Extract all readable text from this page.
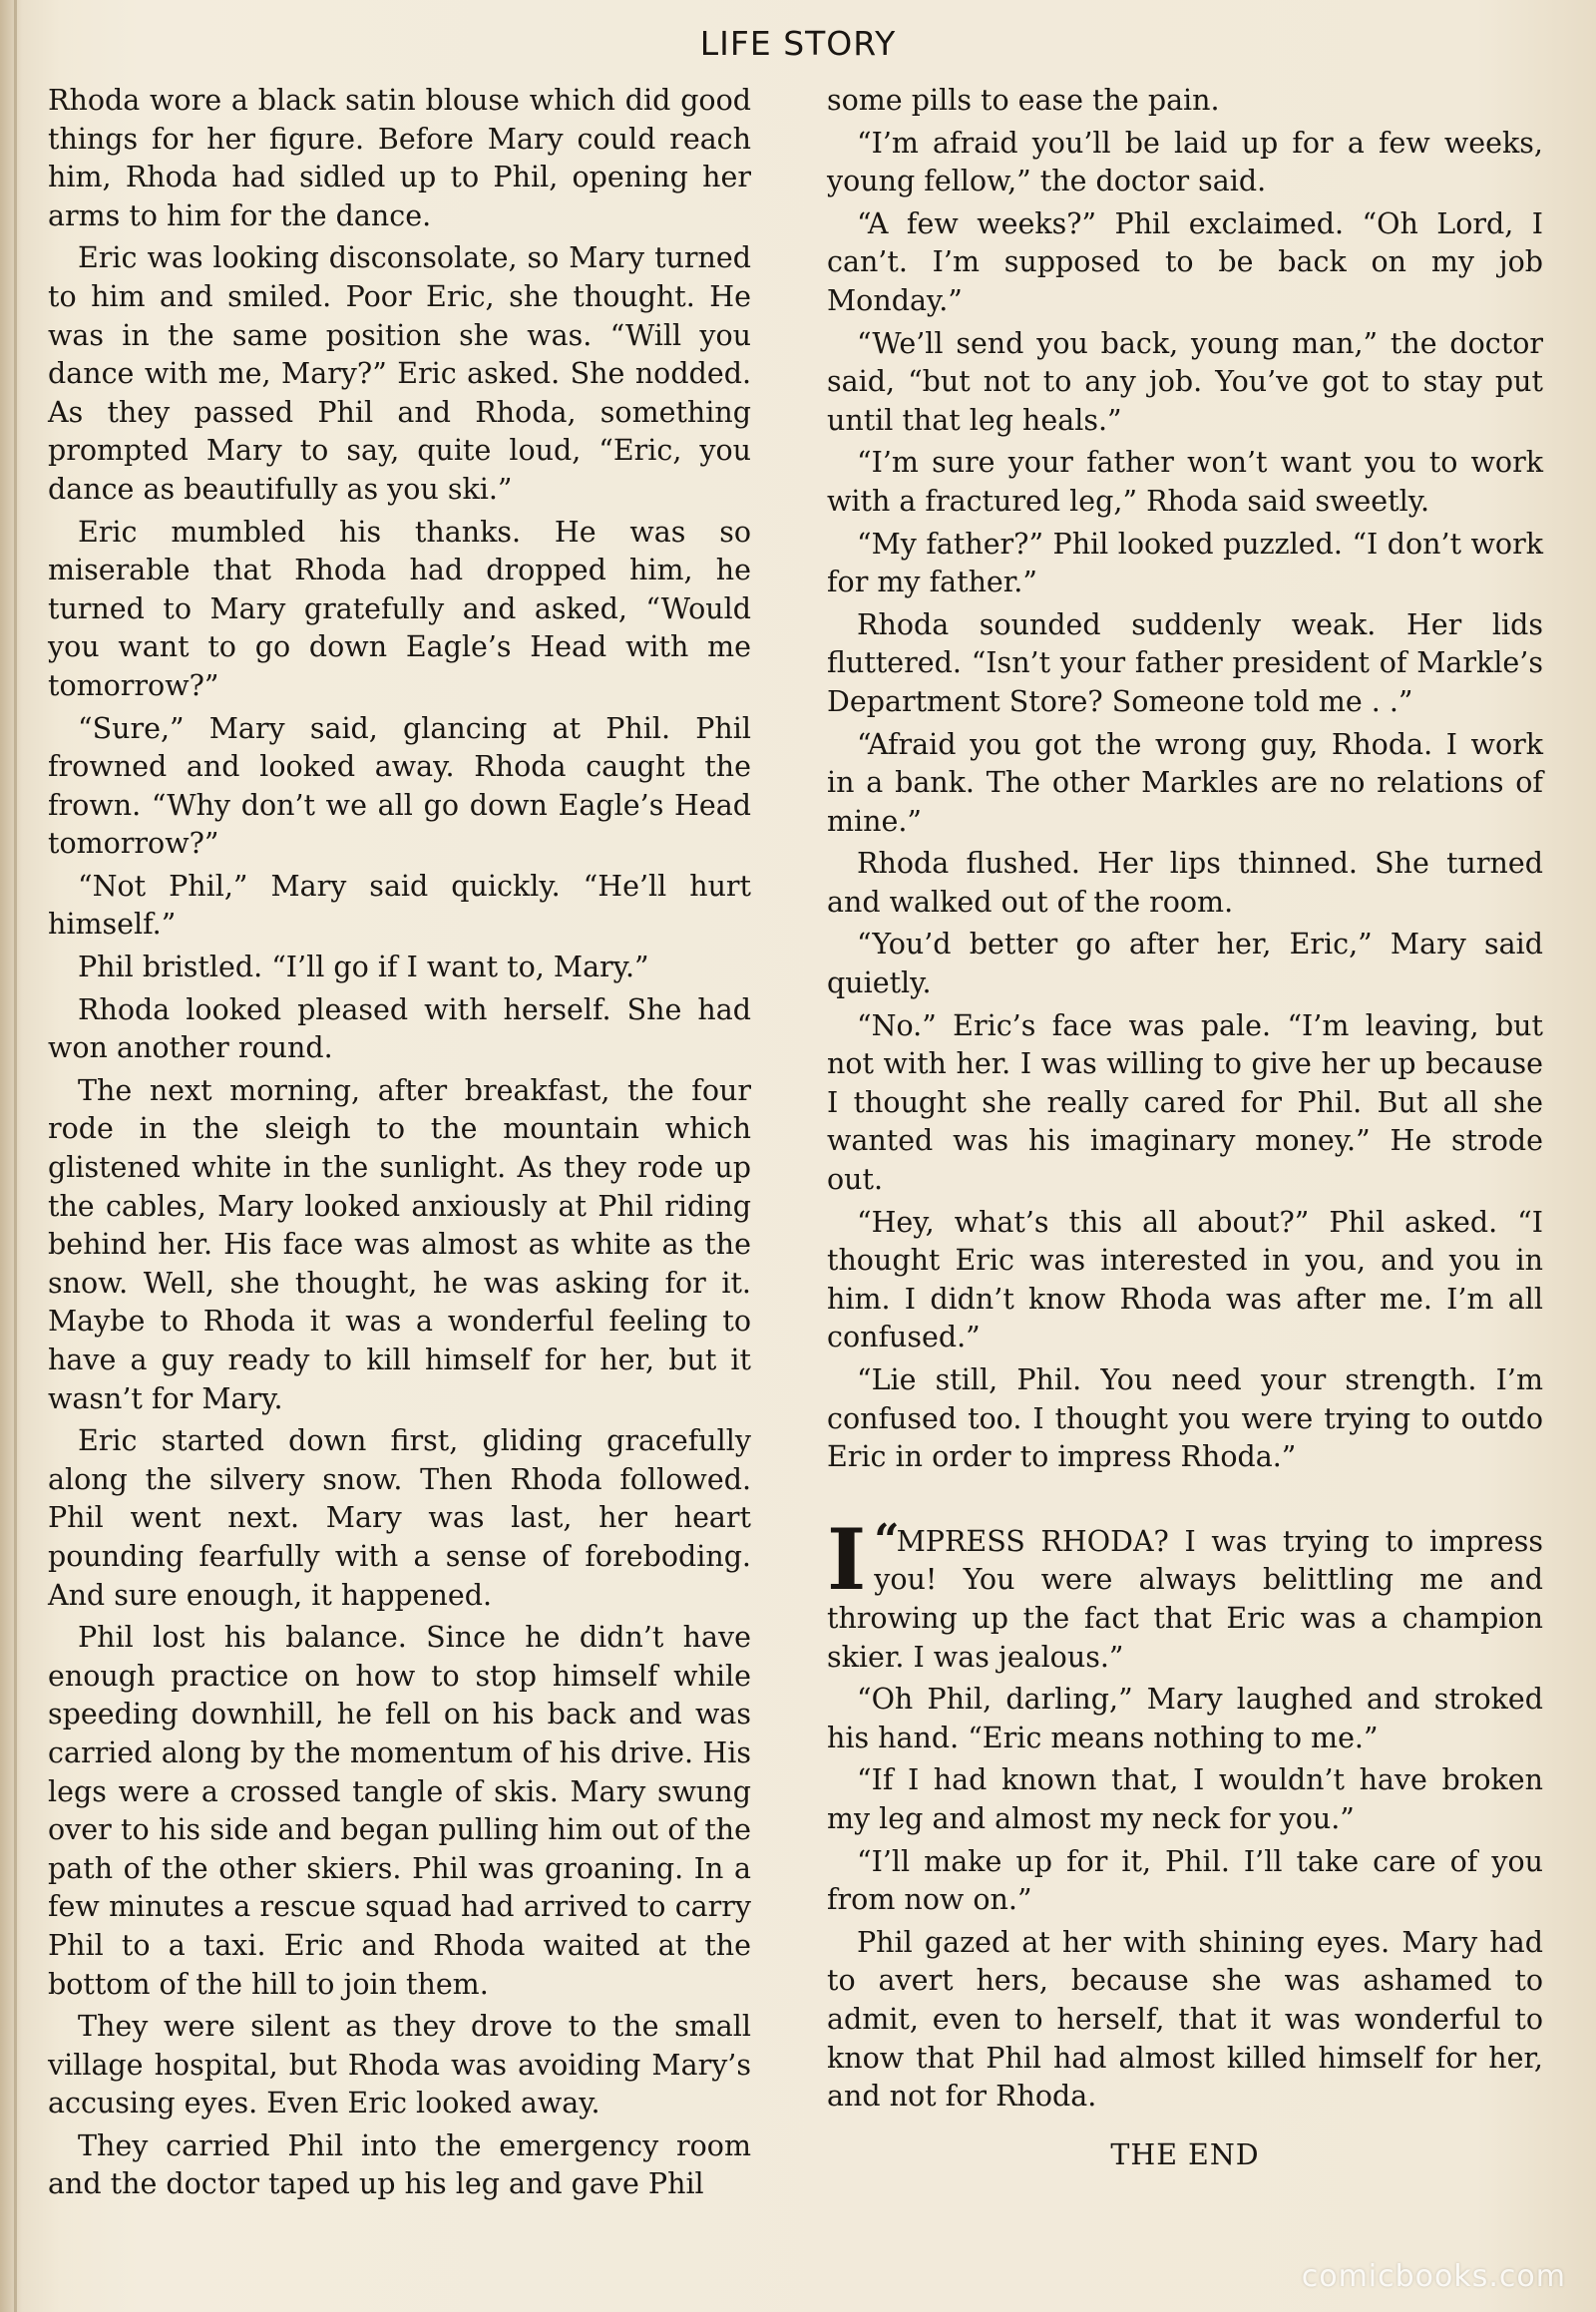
LIFE STORY

Rhoda wore a black satin blouse which did good things for her figure. Before Mary could reach him, Rhoda had sidled up to Phil, opening her arms to him for the dance.

Eric was looking disconsolate, so Mary turned to him and smiled. Poor Eric, she thought. He was in the same position she was. “Will you dance with me, Mary?” Eric asked. She nodded. As they passed Phil and Rhoda, something prompted Mary to say, quite loud, “Eric, you dance as beautifully as you ski.”

Eric mumbled his thanks. He was so miserable that Rhoda had dropped him, he turned to Mary gratefully and asked, “Would you want to go down Eagle’s Head with me tomorrow?”

“Sure,” Mary said, glancing at Phil. Phil frowned and looked away. Rhoda caught the frown. “Why don’t we all go down Eagle’s Head tomorrow?”

“Not Phil,” Mary said quickly. “He’ll hurt himself.”

Phil bristled. “I’ll go if I want to, Mary.”

Rhoda looked pleased with herself. She had won another round.

The next morning, after breakfast, the four rode in the sleigh to the mountain which glistened white in the sunlight. As they rode up the cables, Mary looked anxiously at Phil riding behind her. His face was almost as white as the snow. Well, she thought, he was asking for it. Maybe to Rhoda it was a wonderful feeling to have a guy ready to kill himself for her, but it wasn’t for Mary.

Eric started down first, gliding gracefully along the silvery snow. Then Rhoda followed. Phil went next. Mary was last, her heart pounding fearfully with a sense of foreboding. And sure enough, it happened.

Phil lost his balance. Since he didn’t have enough practice on how to stop himself while speeding downhill, he fell on his back and was carried along by the momentum of his drive. His legs were a crossed tangle of skis. Mary swung over to his side and began pulling him out of the path of the other skiers. Phil was groaning. In a few minutes a rescue squad had arrived to carry Phil to a taxi. Eric and Rhoda waited at the bottom of the hill to join them.

They were silent as they drove to the small village hospital, but Rhoda was avoiding Mary’s accusing eyes. Even Eric looked away.

They carried Phil into the emergency room and the doctor taped up his leg and gave Phil

some pills to ease the pain.

“I’m afraid you’ll be laid up for a few weeks, young fellow,” the doctor said.

“A few weeks?” Phil exclaimed. “Oh Lord, I can’t. I’m supposed to be back on my job Monday.”

“We’ll send you back, young man,” the doctor said, “but not to any job. You’ve got to stay put until that leg heals.”

“I’m sure your father won’t want you to work with a fractured leg,” Rhoda said sweetly.

“My father?” Phil looked puzzled. “I don’t work for my father.”

Rhoda sounded suddenly weak. Her lids fluttered. “Isn’t your father president of Markle’s Department Store? Someone told me . .”

“Afraid you got the wrong guy, Rhoda. I work in a bank. The other Markles are no relations of mine.”

Rhoda flushed. Her lips thinned. She turned and walked out of the room.

“You’d better go after her, Eric,” Mary said quietly.

“No.” Eric’s face was pale. “I’m leaving, but not with her. I was willing to give her up because I thought she really cared for Phil. But all she wanted was his imaginary money.” He strode out.

“Hey, what’s this all about?” Phil asked. “I thought Eric was interested in you, and you in him. I didn’t know Rhoda was after me. I’m all confused.”

“Lie still, Phil. You need your strength. I’m confused too. I thought you were trying to outdo Eric in order to impress Rhoda.”

“
I MPRESS RHODA? I was trying to impress you! You were always belittling me and throwing up the fact that Eric was a champion skier. I was jealous.”

“Oh Phil, darling,” Mary laughed and stroked his hand. “Eric means nothing to me.”

“If I had known that, I wouldn’t have broken my leg and almost my neck for you.”

“I’ll make up for it, Phil. I’ll take care of you from now on.”

Phil gazed at her with shining eyes. Mary had to avert hers, because she was ashamed to admit, even to herself, that it was wonderful to know that Phil had almost killed himself for her, and not for Rhoda.

THE END

comicbooks.com
